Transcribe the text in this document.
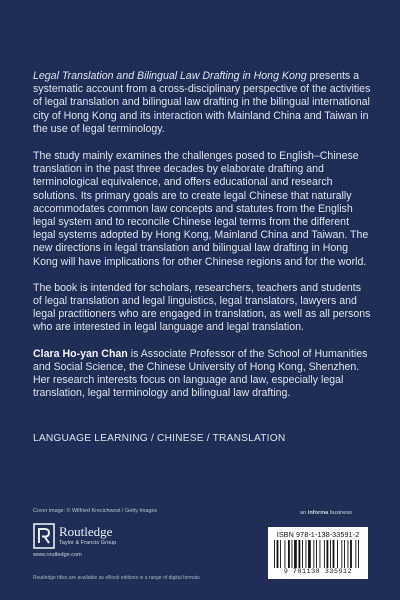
Legal Translation and Bilingual Law Drafting in Hong Kong presents a systematic account from a cross-disciplinary perspective of the activities of legal translation and bilingual law drafting in the bilingual international city of Hong Kong and its interaction with Mainland China and Taiwan in the use of legal terminology.

The study mainly examines the challenges posed to English–Chinese translation in the past three decades by elaborate drafting and terminological equivalence, and offers educational and research solutions. Its primary goals are to create legal Chinese that naturally accommodates common law concepts and statutes from the English legal system and to reconcile Chinese legal terms from the different legal systems adopted by Hong Kong, Mainland China and Taiwan. The new directions in legal translation and bilingual law drafting in Hong Kong will have implications for other Chinese regions and for the world.

The book is intended for scholars, researchers, teachers and students of legal translation and legal linguistics, legal translators, lawyers and legal practitioners who are engaged in translation, as well as all persons who are interested in legal language and legal translation.

Clara Ho-yan Chan is Associate Professor of the School of Humanities and Social Science, the Chinese University of Hong Kong, Shenzhen. Her research interests focus on language and law, especially legal translation, legal terminology and bilingual law drafting.

LANGUAGE LEARNING / CHINESE / TRANSLATION
Cover image: © Wilfried Krecichwost / Getty Images
Routledge
Taylor & Francis Group
www.routledge.com
an informa business
ISBN 978-1-138-33591-2
9 781138 335912
Routledge titles are available as eBook editions in a range of digital formats
